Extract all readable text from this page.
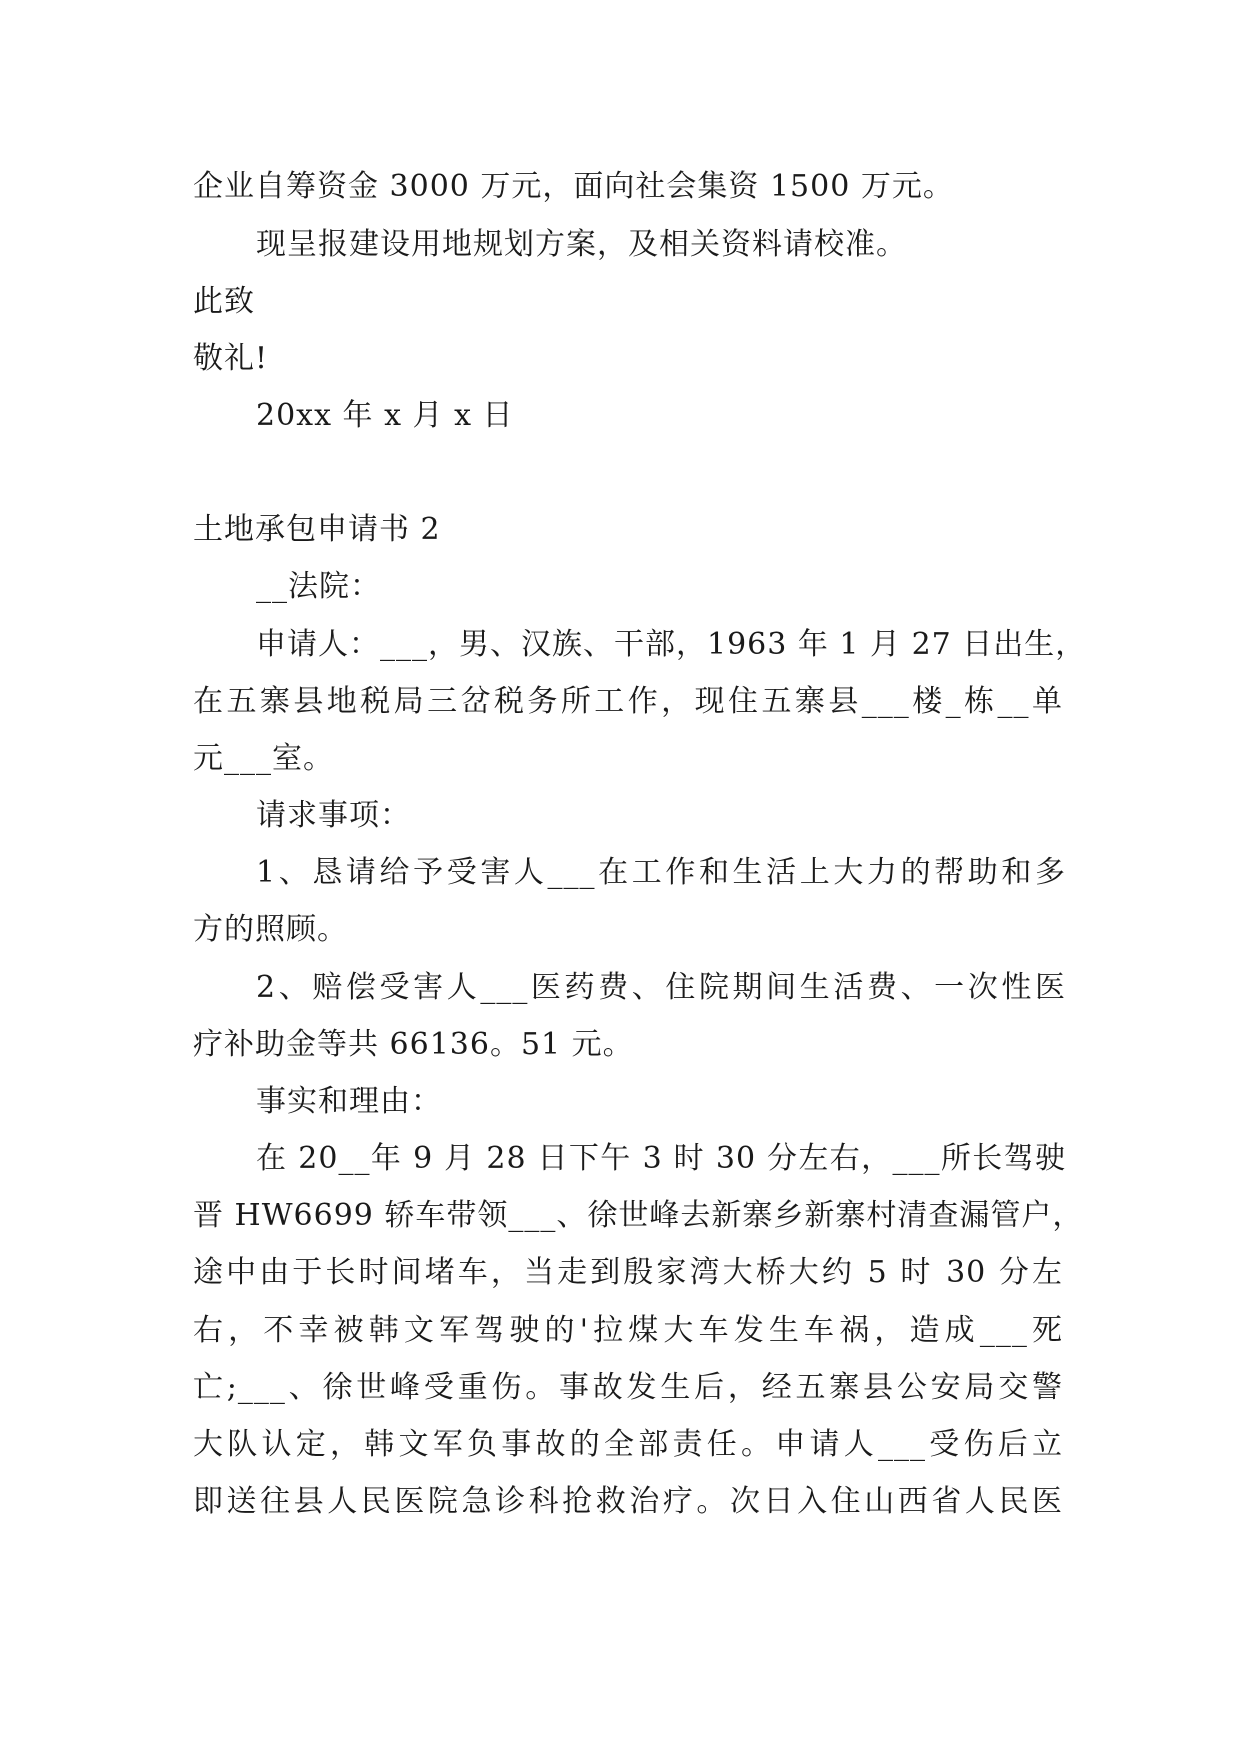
企业自筹资金 3000 万元，面向社会集资 1500 万元。
现呈报建设用地规划方案，及相关资料请校准。
此致
敬礼!
20xx 年 x 月 x 日
土地承包申请书 2
__法院：
申请人：___，男、汉族、干部，1963 年 1 月 27 日出生，
在五寨县地税局三岔税务所工作，现住五寨县___楼_栋__单
元___室。
请求事项：
1、恳请给予受害人___在工作和生活上大力的帮助和多
方的照顾。
2、赔偿受害人___医药费、住院期间生活费、一次性医
疗补助金等共 66136。51 元。
事实和理由：
在 20__年 9 月 28 日下午 3 时 30 分左右，___所长驾驶
晋 HW6699 轿车带领___、徐世峰去新寨乡新寨村清查漏管户，
途中由于长时间堵车，当走到殷家湾大桥大约 5 时 30 分左
右，不幸被韩文军驾驶的'拉煤大车发生车祸，造成___死
亡;___、徐世峰受重伤。事故发生后，经五寨县公安局交警
大队认定，韩文军负事故的全部责任。申请人___受伤后立
即送往县人民医院急诊科抢救治疗。次日入住山西省人民医
